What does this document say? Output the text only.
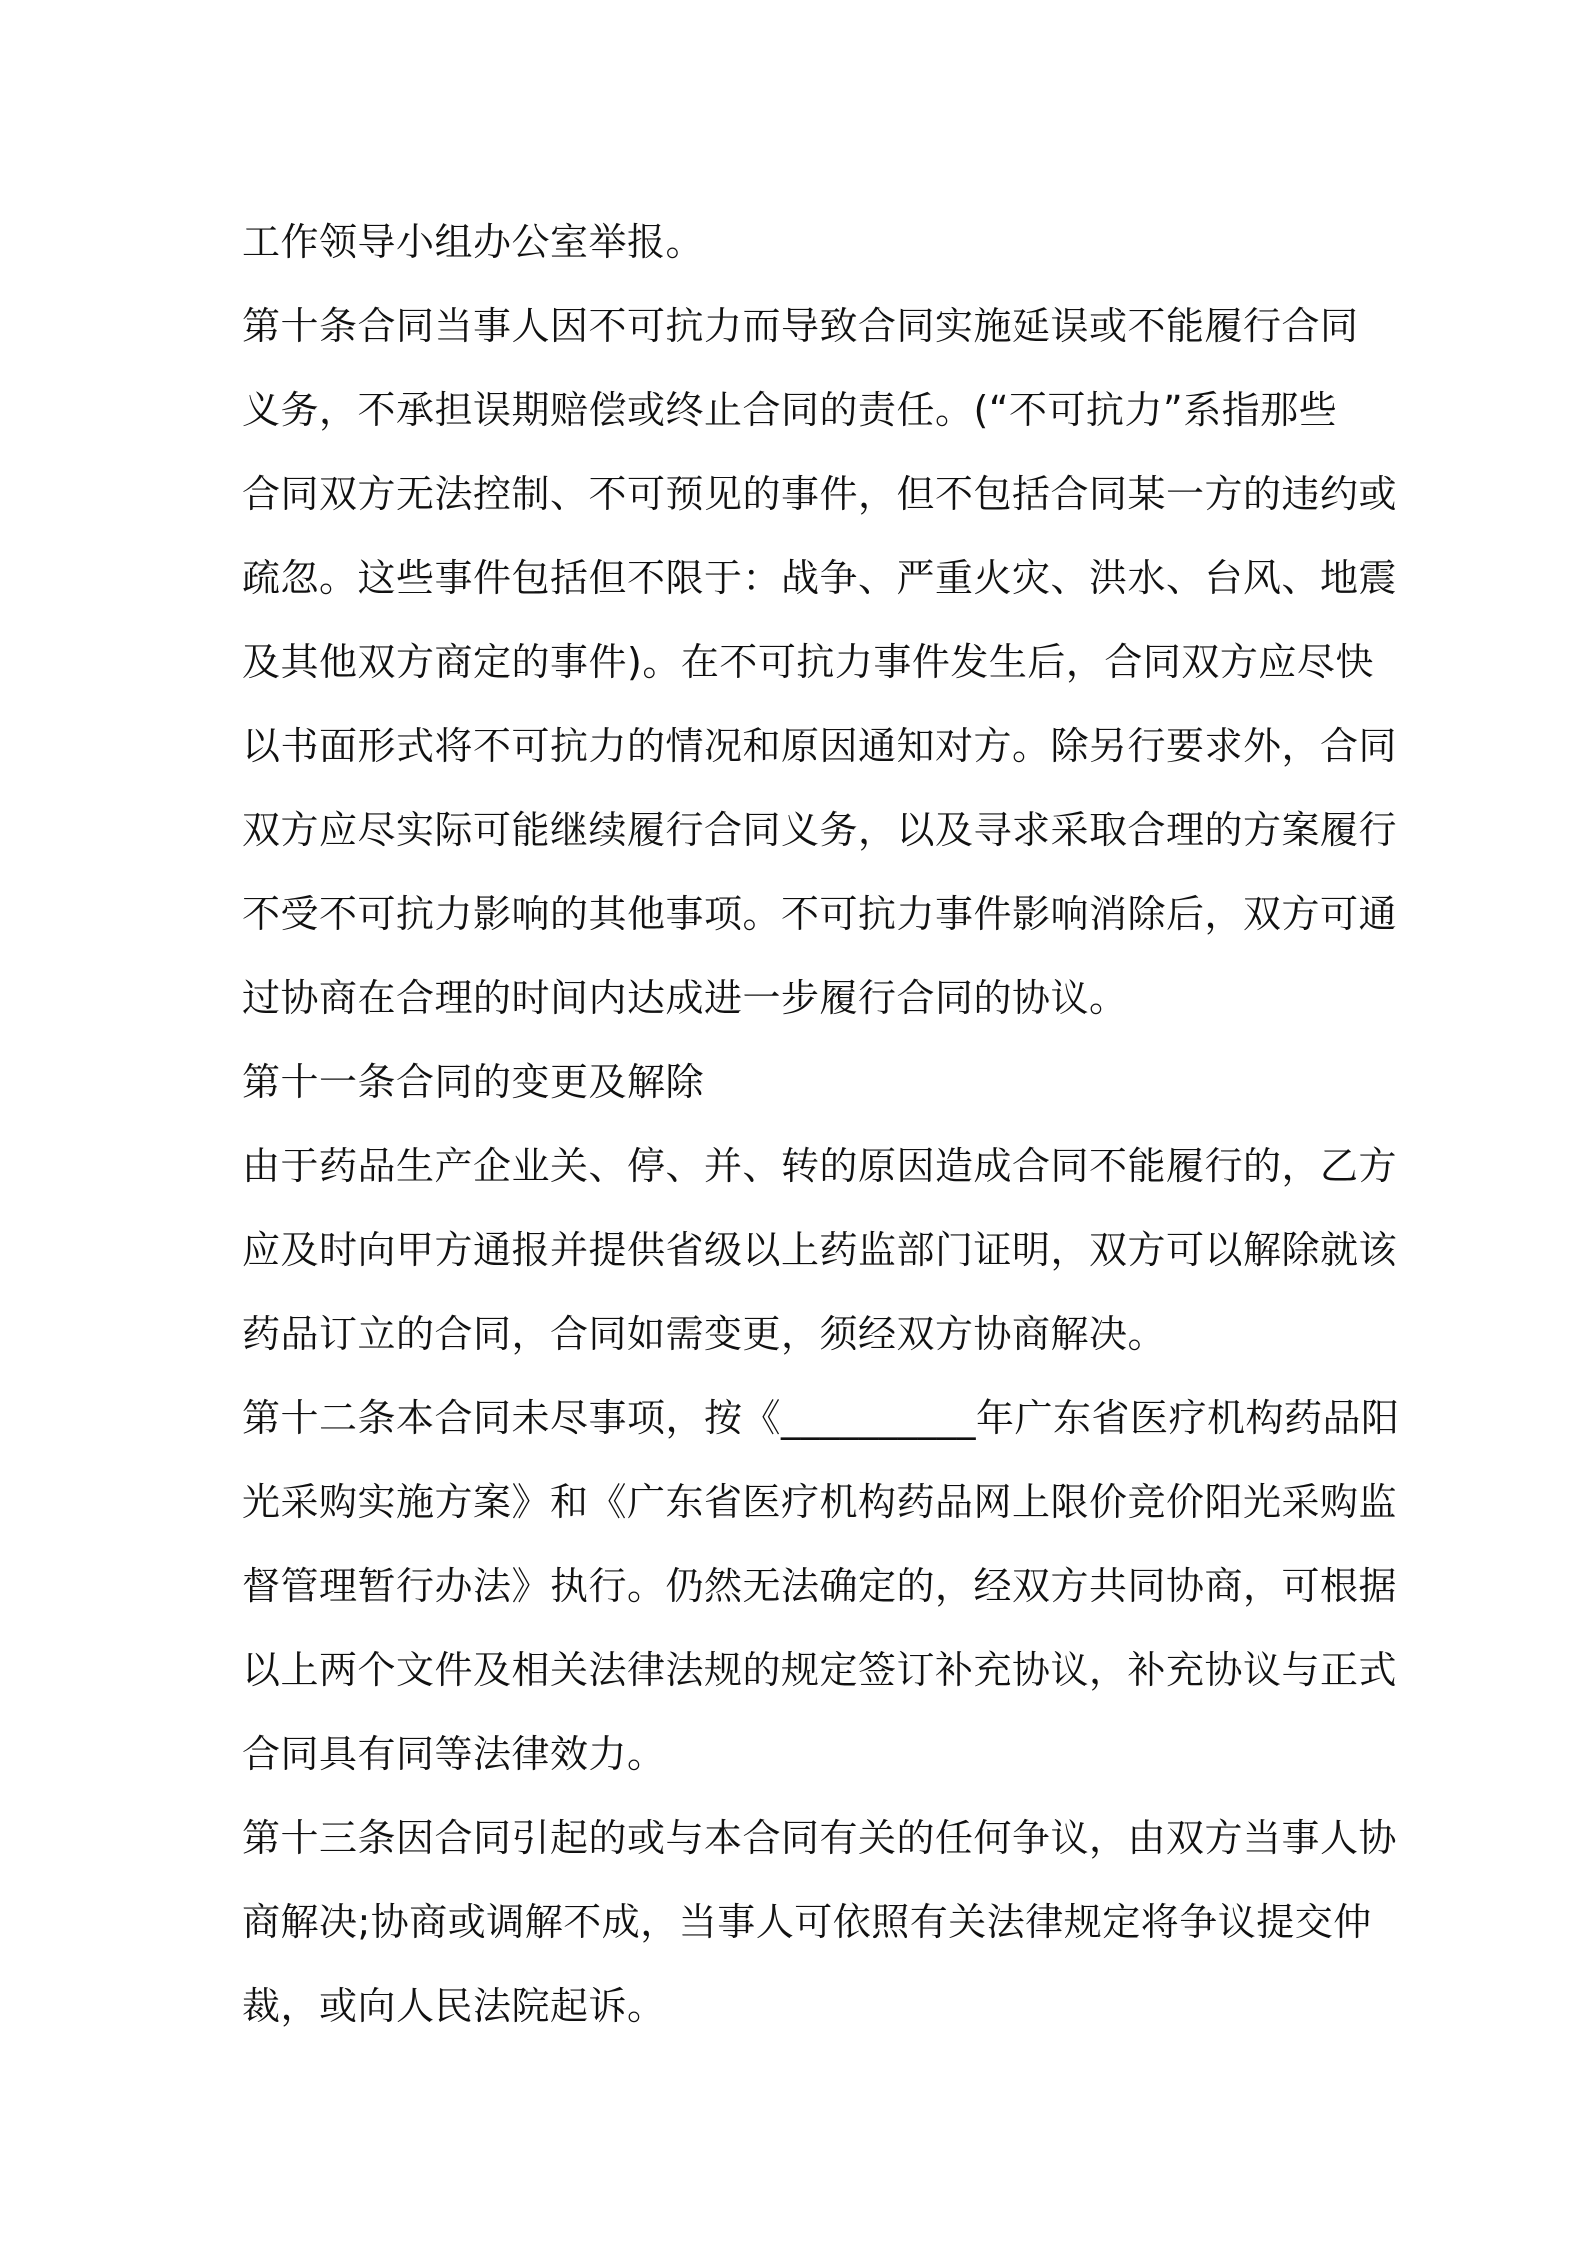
工作领导小组办公室举报。
第十条合同当事人因不可抗力而导致合同实施延误或不能履行合同
义务，不承担误期赔偿或终止合同的责任。(“不可抗力”系指那些
合同双方无法控制、不可预见的事件，但不包括合同某一方的违约或
疏忽。这些事件包括但不限于：战争、严重火灾、洪水、台风、地震
及其他双方商定的事件)。在不可抗力事件发生后，合同双方应尽快
以书面形式将不可抗力的情况和原因通知对方。除另行要求外，合同
双方应尽实际可能继续履行合同义务，以及寻求采取合理的方案履行
不受不可抗力影响的其他事项。不可抗力事件影响消除后，双方可通
过协商在合理的时间内达成进一步履行合同的协议。
第十一条合同的变更及解除
由于药品生产企业关、停、并、转的原因造成合同不能履行的，乙方
应及时向甲方通报并提供省级以上药监部门证明，双方可以解除就该
药品订立的合同，合同如需变更，须经双方协商解决。
第十二条本合同未尽事项，按《__________年广东省医疗机构药品阳
光采购实施方案》和《广东省医疗机构药品网上限价竞价阳光采购监
督管理暂行办法》执行。仍然无法确定的，经双方共同协商，可根据
以上两个文件及相关法律法规的规定签订补充协议，补充协议与正式
合同具有同等法律效力。
第十三条因合同引起的或与本合同有关的任何争议，由双方当事人协
商解决;协商或调解不成，当事人可依照有关法律规定将争议提交仲
裁，或向人民法院起诉。
